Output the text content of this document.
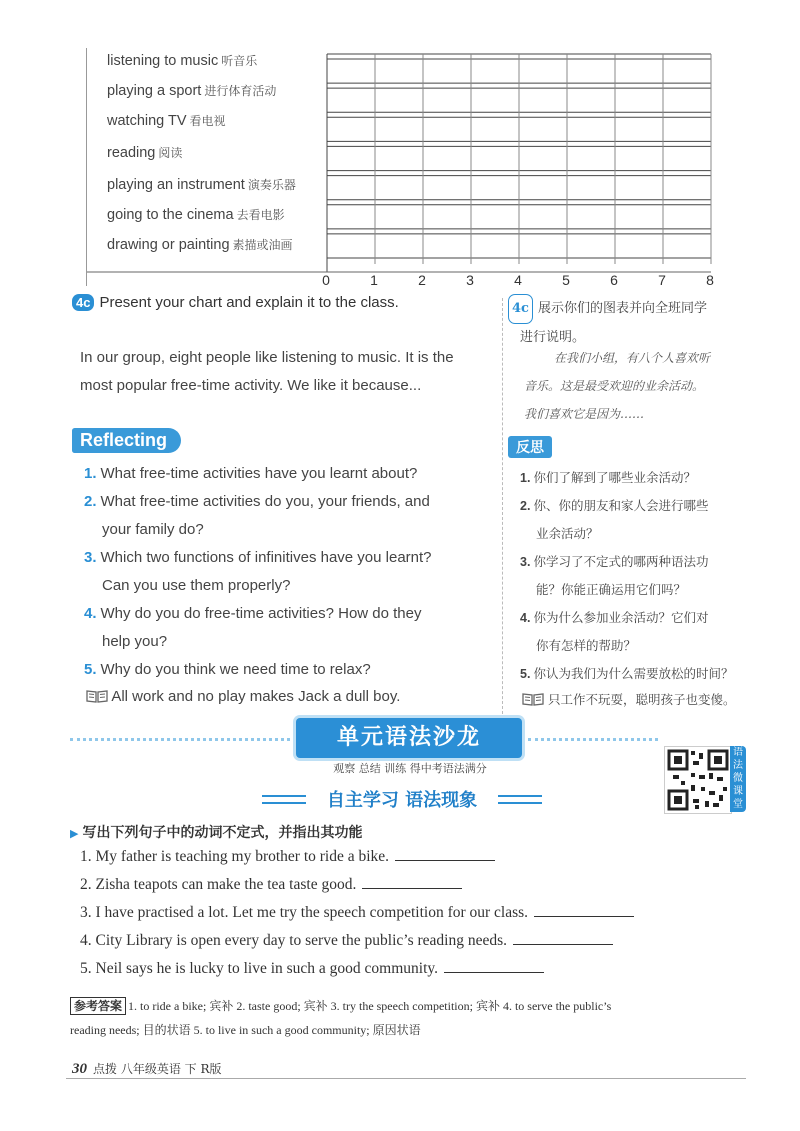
listening to music 听音乐
playing a sport 进行体育活动
watching TV 看电视
reading 阅读
playing an instrument 演奏乐器
going to the cinema 去看电影
drawing or painting 素描或油画
0	1	2	3	4	5	6	7	8
4c Present your chart and explain it to the class.
In our group, eight people like listening to music. It is the
most popular free-time activity. We like it because...
4c 展示你们的图表并向全班同学
进行说明。
在我们小组，有八个人喜欢听
音乐。这是最受欢迎的业余活动。
我们喜欢它是因为……
Reflecting	反思
1. What free-time activities have you learnt about?
2. What free-time activities do you, your friends, and
your family do?
3. Which two functions of infinitives have you learnt?
Can you use them properly?
4. Why do you do free-time activities? How do they
help you?
5. Why do you think we need time to relax?
1. 你们了解到了哪些业余活动？
2. 你、你的朋友和家人会进行哪些
业余活动？
3. 你学习了不定式的哪两种语法功
能？你能正确运用它们吗？
4. 你为什么参加业余活动？它们对
你有怎样的帮助？
5. 你认为我们为什么需要放松的时间？
All work and no play makes Jack a dull boy.	只工作不玩耍，聪明孩子也变傻。
单元语法沙龙
观察 总结 训练 得中考语法满分
语法微课堂
自主学习 语法现象
▶ 写出下列句子中的动词不定式，并指出其功能
1. My father is teaching my brother to ride a bike.
2. Zisha teapots can make the tea taste good.
3. I have practised a lot. Let me try the speech competition for our class.
4. City Library is open every day to serve the public’s reading needs.
5. Neil says he is lucky to live in such a good community.
参考答案 1. to ride a bike; 宾补 2. taste good; 宾补 3. try the speech competition; 宾补 4. to serve the public’s
reading needs; 目的状语 5. to live in such a good community; 原因状语
30 点拨 八年级英语 下 R版
